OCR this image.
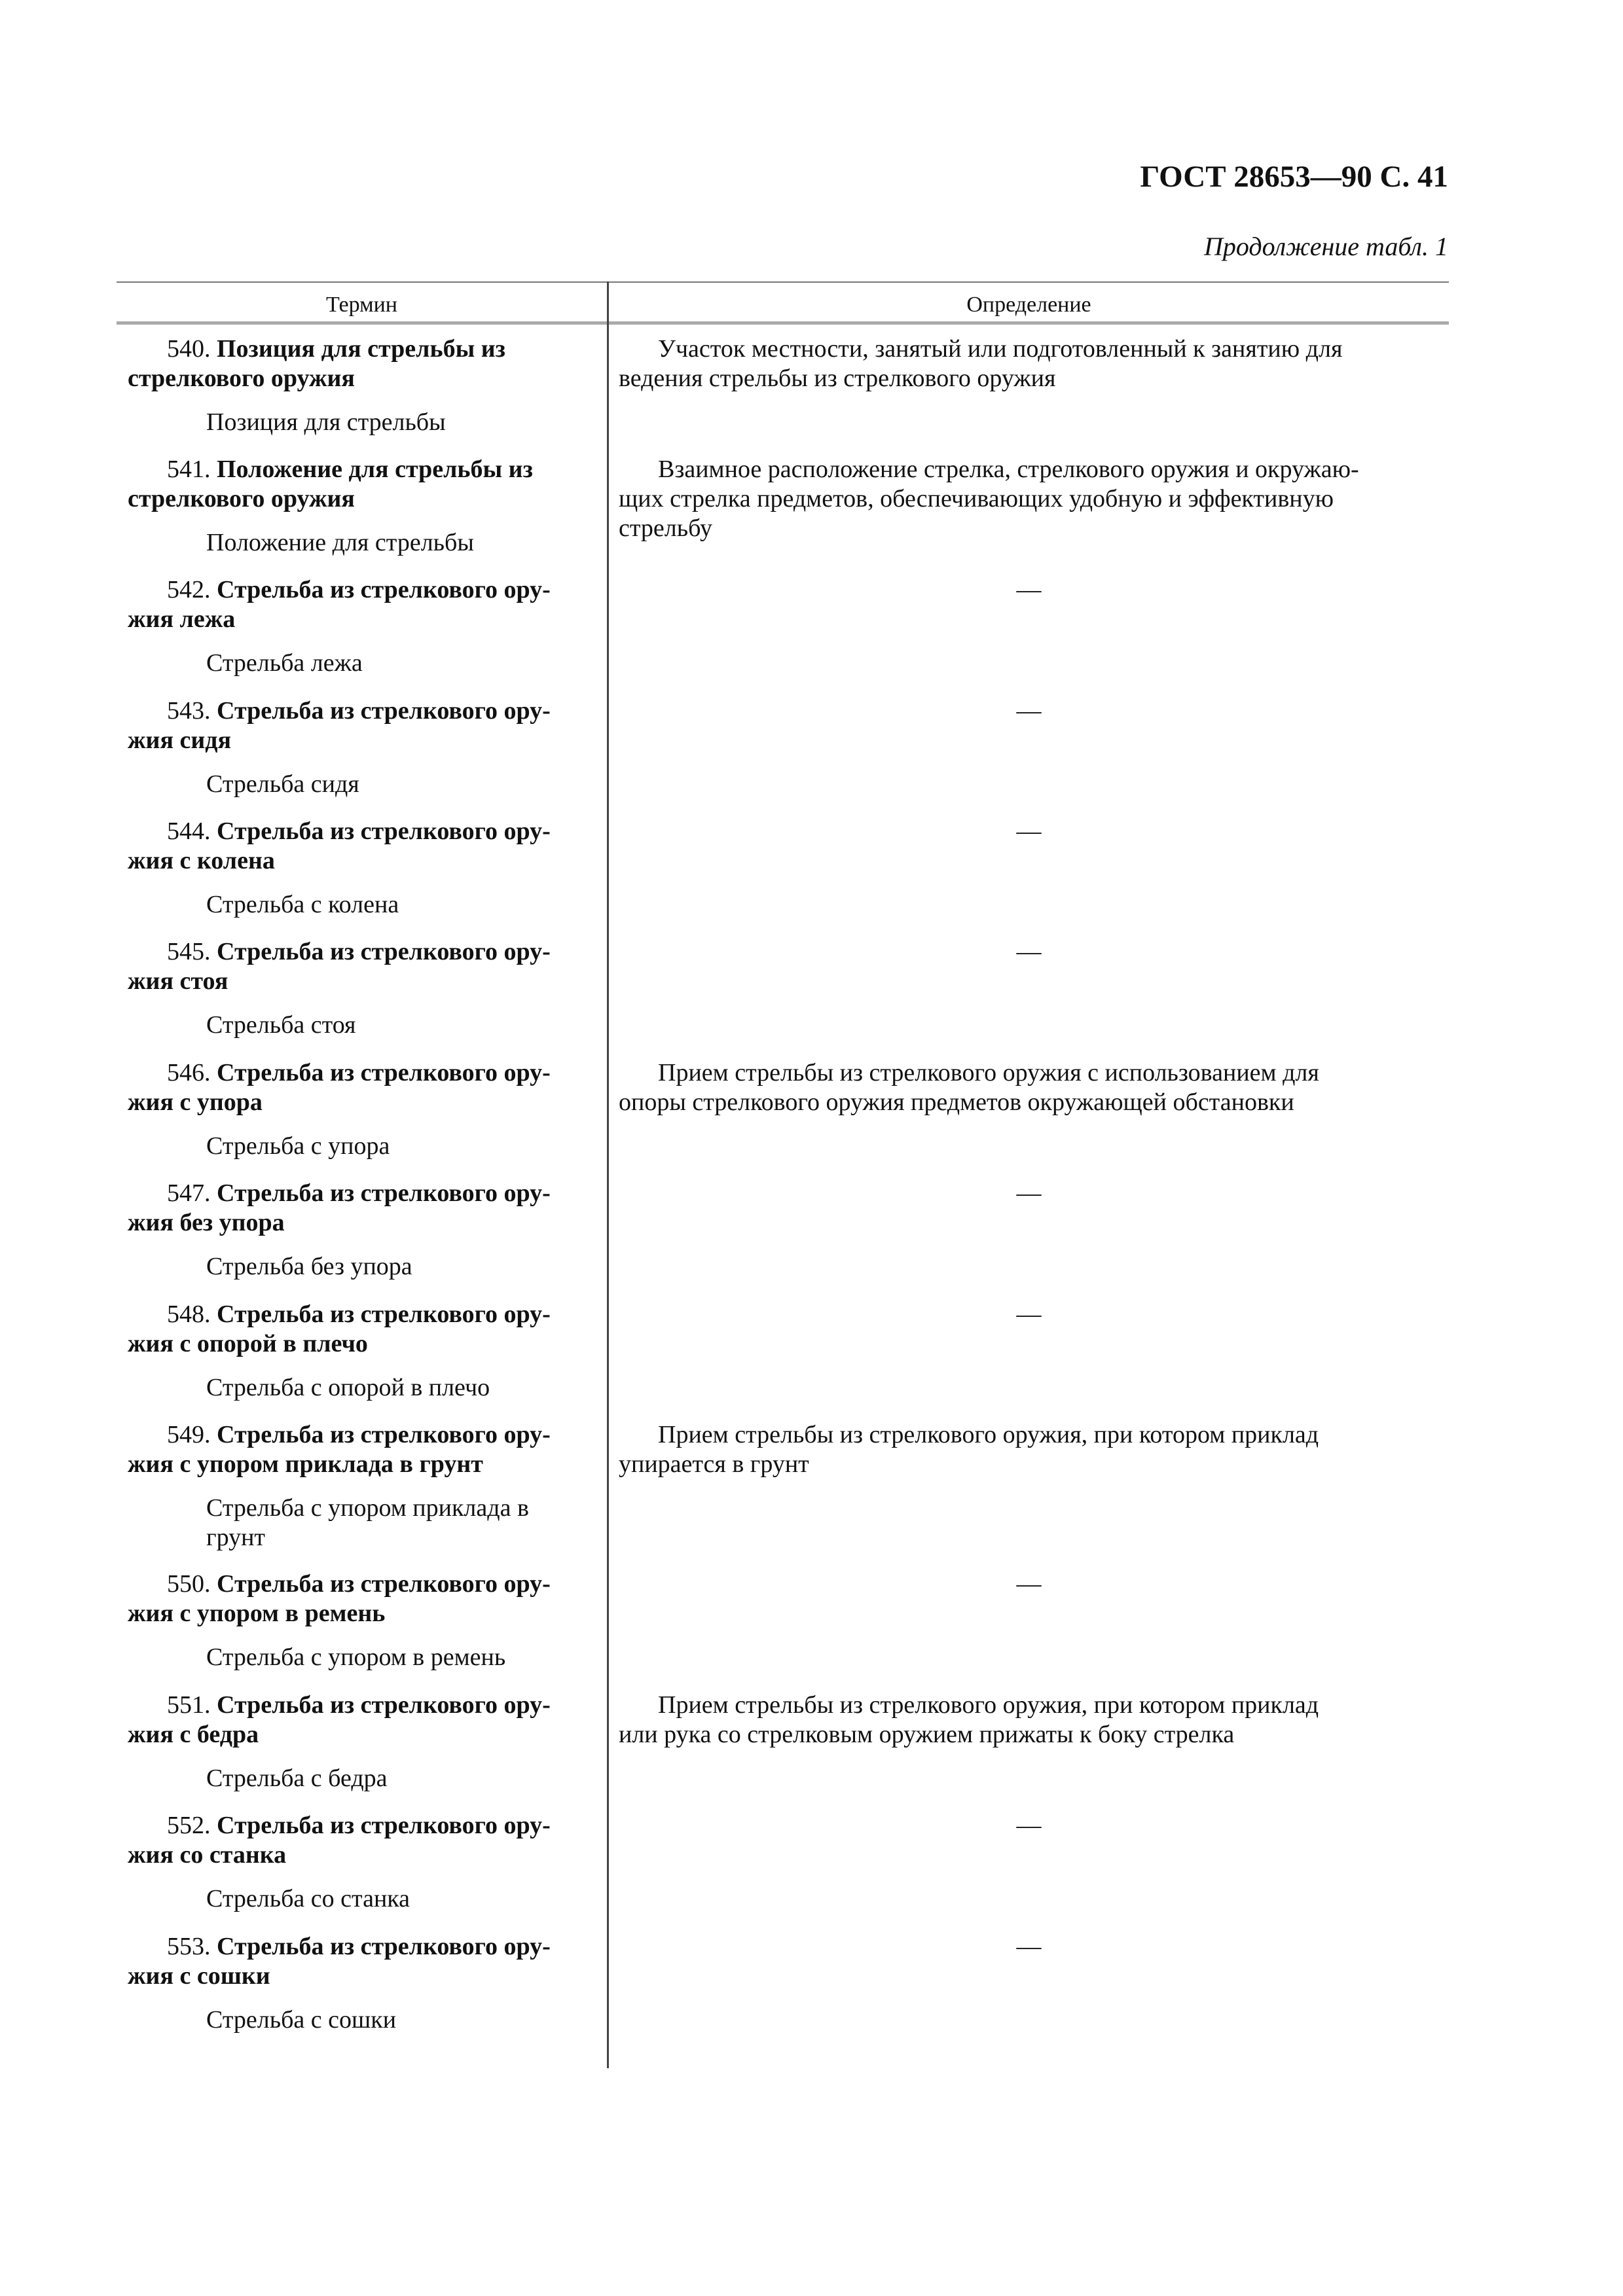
ГОСТ 28653—90 С. 41
Продолжение табл. 1
Термин	Определение
540. Позиция для стрельбы из
стрелкового оружия
Позиция для стрельбы
Участок местности, занятый или подготовленный к занятию для
ведения стрельбы из стрелкового оружия
541. Положение для стрельбы из
стрелкового оружия
Положение для стрельбы
Взаимное расположение стрелка, стрелкового оружия и окружаю-
щих стрелка предметов, обеспечивающих удобную и эффективную
стрельбу
542. Стрельба из стрелкового ору-
жия лежа
Стрельба лежа
—
543. Стрельба из стрелкового ору-
жия сидя
Стрельба сидя
—
544. Стрельба из стрелкового ору-
жия с колена
Стрельба с колена
—
545. Стрельба из стрелкового ору-
жия стоя
Стрельба стоя
—
546. Стрельба из стрелкового ору-
жия с упора
Стрельба с упора
Прием стрельбы из стрелкового оружия с использованием для
опоры стрелкового оружия предметов окружающей обстановки
547. Стрельба из стрелкового ору-
жия без упора
Стрельба без упора
—
548. Стрельба из стрелкового ору-
жия с опорой в плечо
Стрельба с опорой в плечо
—
549. Стрельба из стрелкового ору-
жия с упором приклада в грунт
Стрельба с упором приклада в
грунт
Прием стрельбы из стрелкового оружия, при котором приклад
упирается в грунт
550. Стрельба из стрелкового ору-
жия с упором в ремень
Стрельба с упором в ремень
—
551. Стрельба из стрелкового ору-
жия с бедра
Стрельба с бедра
Прием стрельбы из стрелкового оружия, при котором приклад
или рука со стрелковым оружием прижаты к боку стрелка
552. Стрельба из стрелкового ору-
жия со станка
Стрельба со станка
—
553. Стрельба из стрелкового ору-
жия с сошки
Стрельба с сошки
—
